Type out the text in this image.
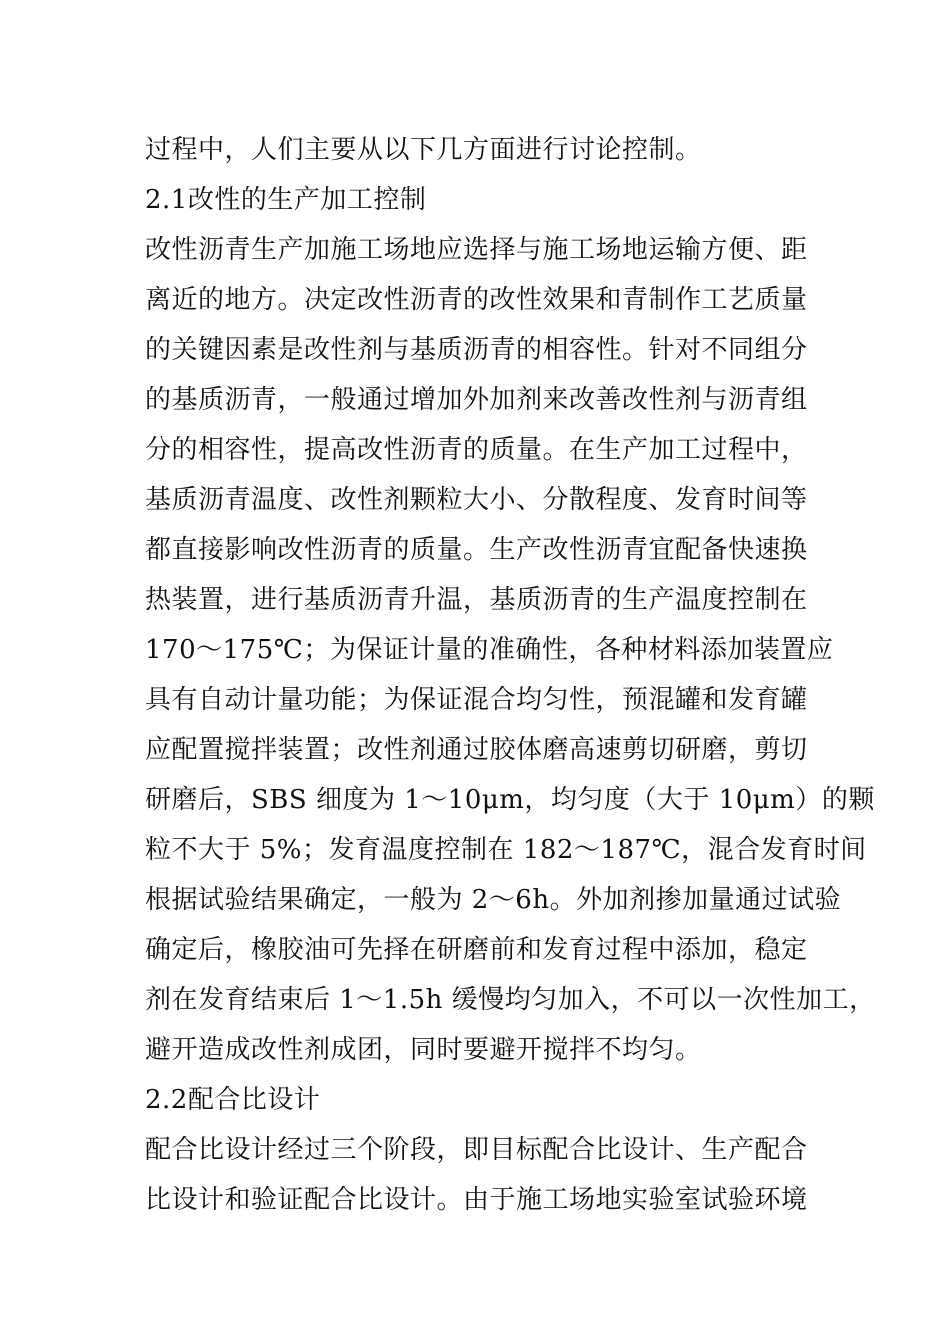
过程中，人们主要从以下几方面进行讨论控制。
2.1改性的生产加工控制
改性沥青生产加施工场地应选择与施工场地运输方便、距
离近的地方。决定改性沥青的改性效果和青制作工艺质量
的关键因素是改性剂与基质沥青的相容性。针对不同组分
的基质沥青，一般通过增加外加剂来改善改性剂与沥青组
分的相容性，提高改性沥青的质量。在生产加工过程中，
基质沥青温度、改性剂颗粒大小、分散程度、发育时间等
都直接影响改性沥青的质量。生产改性沥青宜配备快速换
热装置，进行基质沥青升温，基质沥青的生产温度控制在
170～175℃；为保证计量的准确性，各种材料添加装置应
具有自动计量功能；为保证混合均匀性，预混罐和发育罐
应配置搅拌装置；改性剂通过胶体磨高速剪切研磨，剪切
研磨后，SBS 细度为 1～10μm，均匀度（大于 10μm）的颗
粒不大于 5%；发育温度控制在 182～187℃，混合发育时间
根据试验结果确定，一般为 2～6h。外加剂掺加量通过试验
确定后，橡胶油可先择在研磨前和发育过程中添加，稳定
剂在发育结束后 1～1.5h 缓慢均匀加入，不可以一次性加工，
避开造成改性剂成团，同时要避开搅拌不均匀。
2.2配合比设计
配合比设计经过三个阶段，即目标配合比设计、生产配合
比设计和验证配合比设计。由于施工场地实验室试验环境
